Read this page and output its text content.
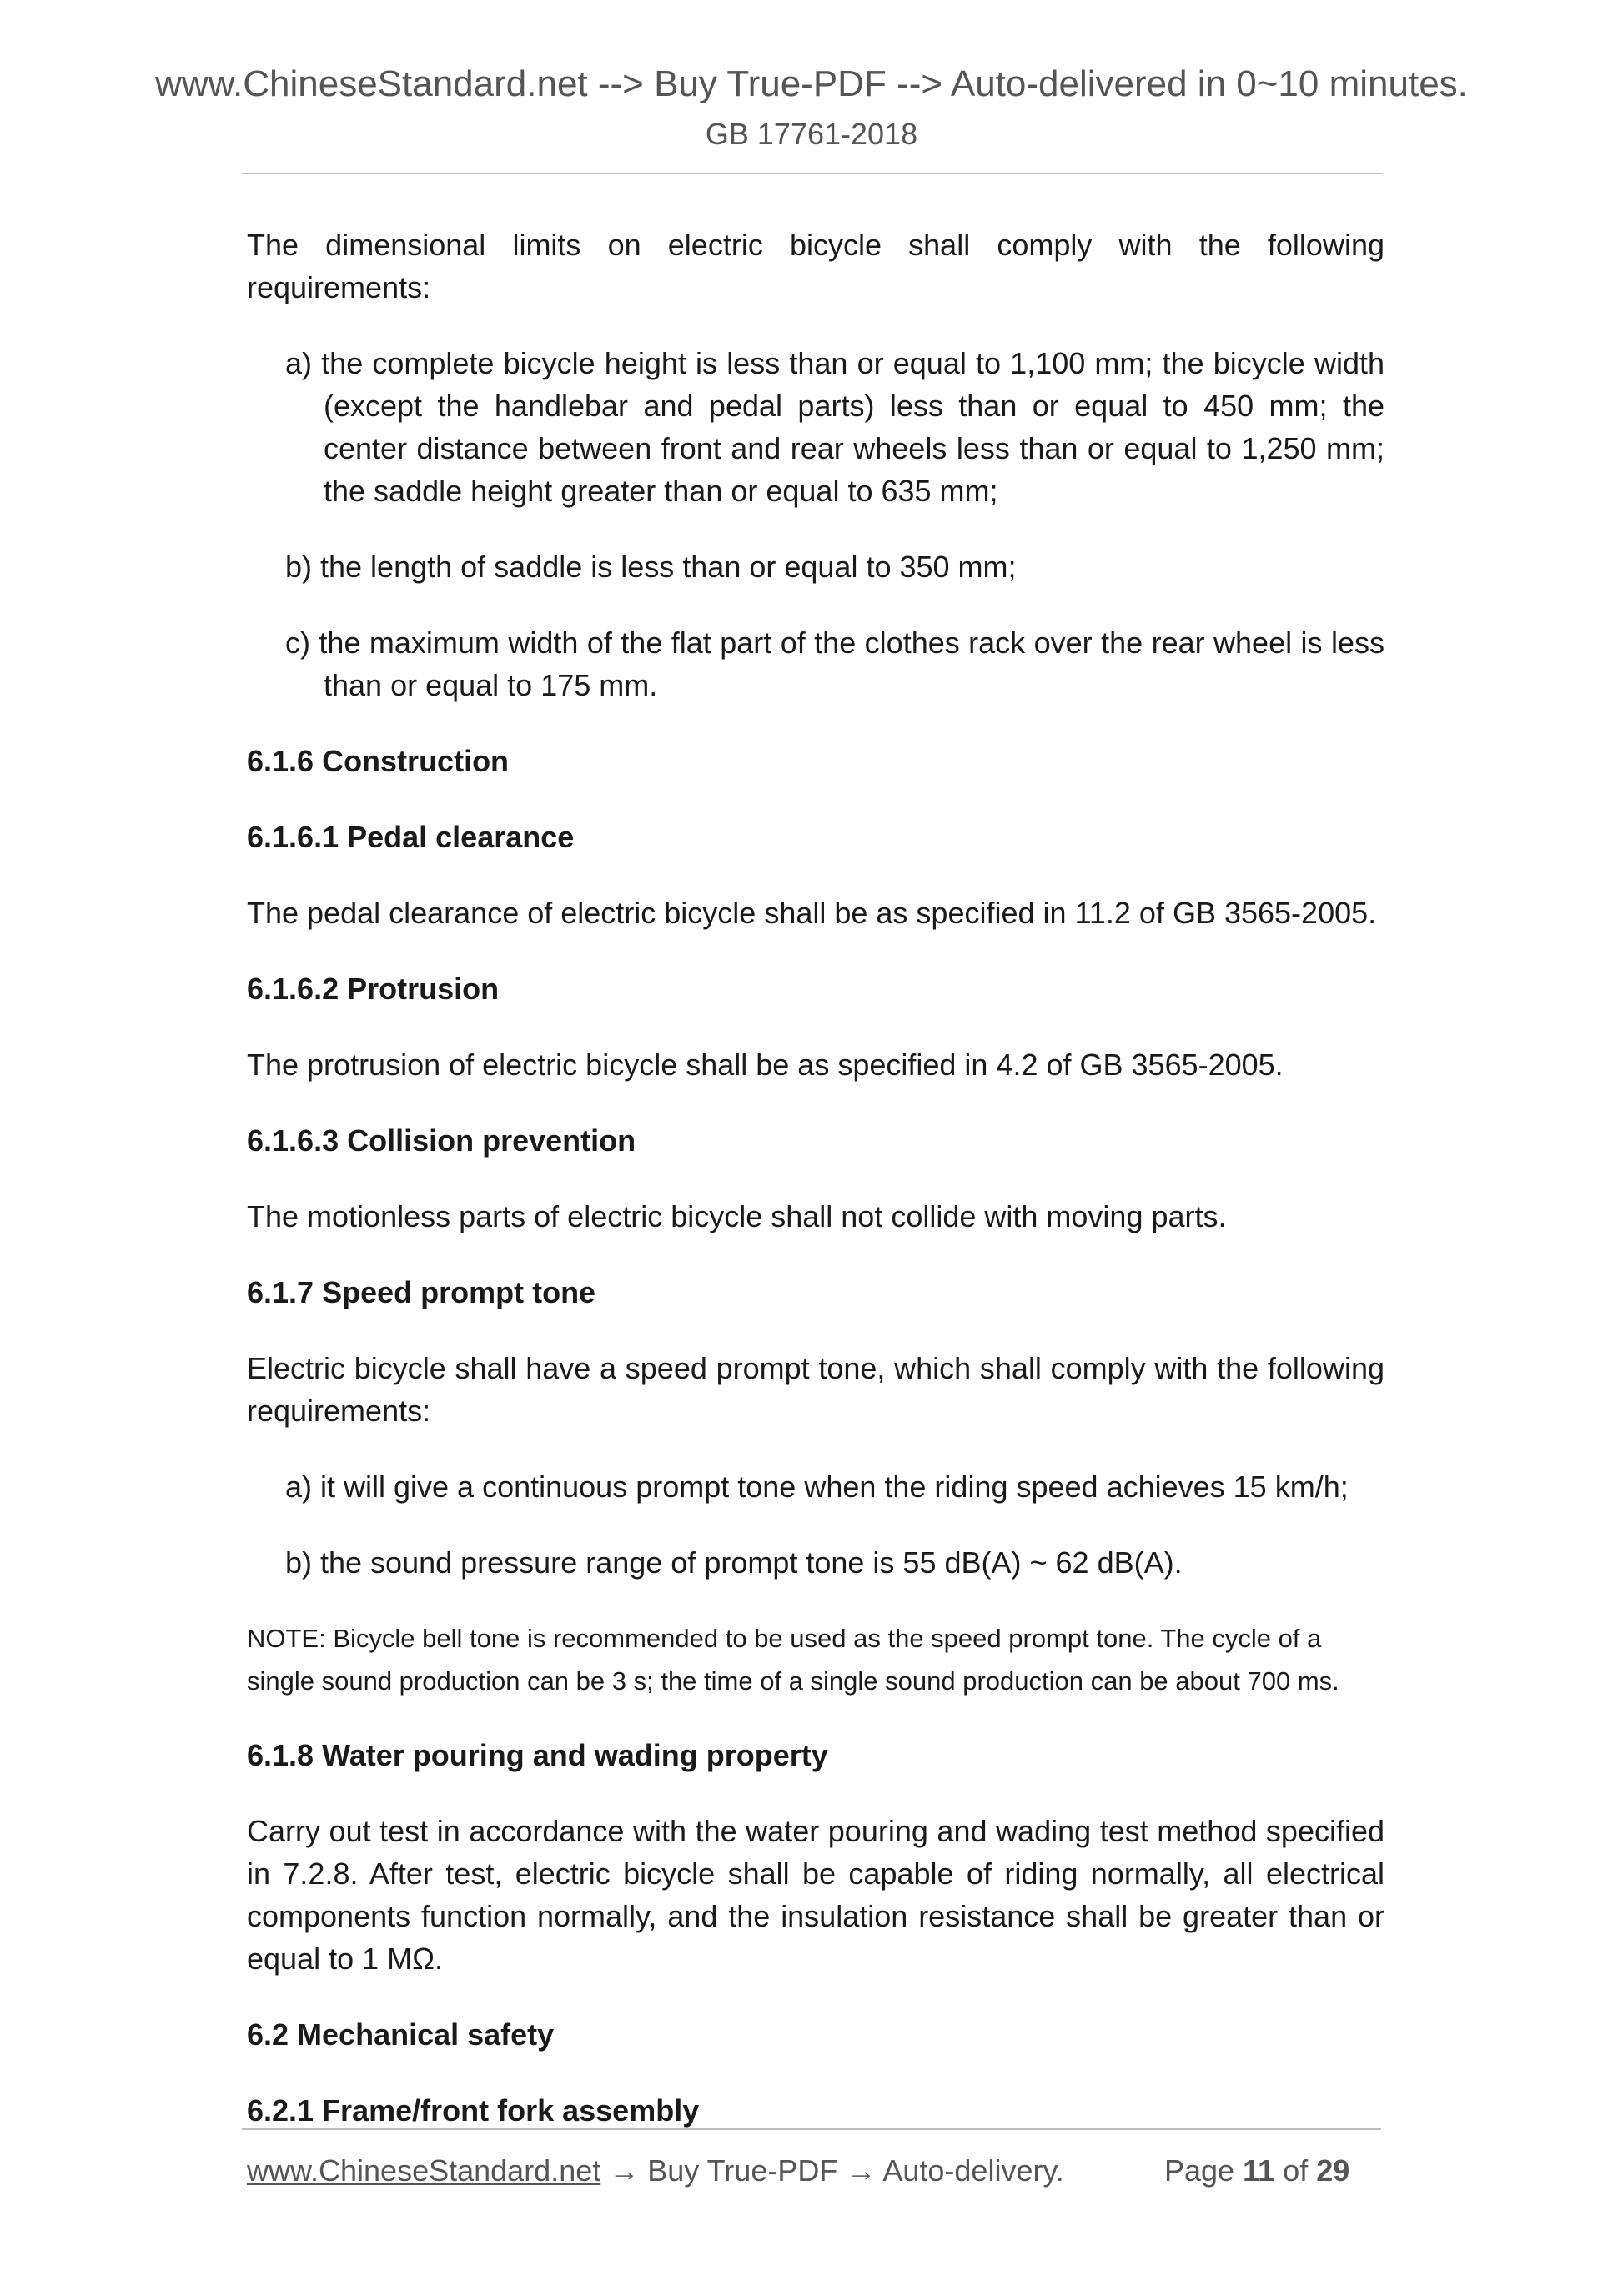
www.ChineseStandard.net --> Buy True-PDF --> Auto-delivered in 0~10 minutes.
GB 17761-2018

The dimensional limits on electric bicycle shall comply with the following requirements:

a) the complete bicycle height is less than or equal to 1,100 mm; the bicycle width (except the handlebar and pedal parts) less than or equal to 450 mm; the center distance between front and rear wheels less than or equal to 1,250 mm; the saddle height greater than or equal to 635 mm;

b) the length of saddle is less than or equal to 350 mm;

c) the maximum width of the flat part of the clothes rack over the rear wheel is less than or equal to 175 mm.

6.1.6 Construction
6.1.6.1 Pedal clearance

The pedal clearance of electric bicycle shall be as specified in 11.2 of GB 3565-2005.

6.1.6.2 Protrusion

The protrusion of electric bicycle shall be as specified in 4.2 of GB 3565-2005.

6.1.6.3 Collision prevention

The motionless parts of electric bicycle shall not collide with moving parts.

6.1.7 Speed prompt tone

Electric bicycle shall have a speed prompt tone, which shall comply with the following requirements:

a) it will give a continuous prompt tone when the riding speed achieves 15 km/h;

b) the sound pressure range of prompt tone is 55 dB(A) ~ 62 dB(A).

NOTE: Bicycle bell tone is recommended to be used as the speed prompt tone. The cycle of a single sound production can be 3 s; the time of a single sound production can be about 700 ms.

6.1.8 Water pouring and wading property

Carry out test in accordance with the water pouring and wading test method specified in 7.2.8. After test, electric bicycle shall be capable of riding normally, all electrical components function normally, and the insulation resistance shall be greater than or equal to 1 MΩ.

6.2 Mechanical safety
6.2.1 Frame/front fork assembly
www.ChineseStandard.net → Buy True-PDF → Auto-delivery.	Page 11 of 29
